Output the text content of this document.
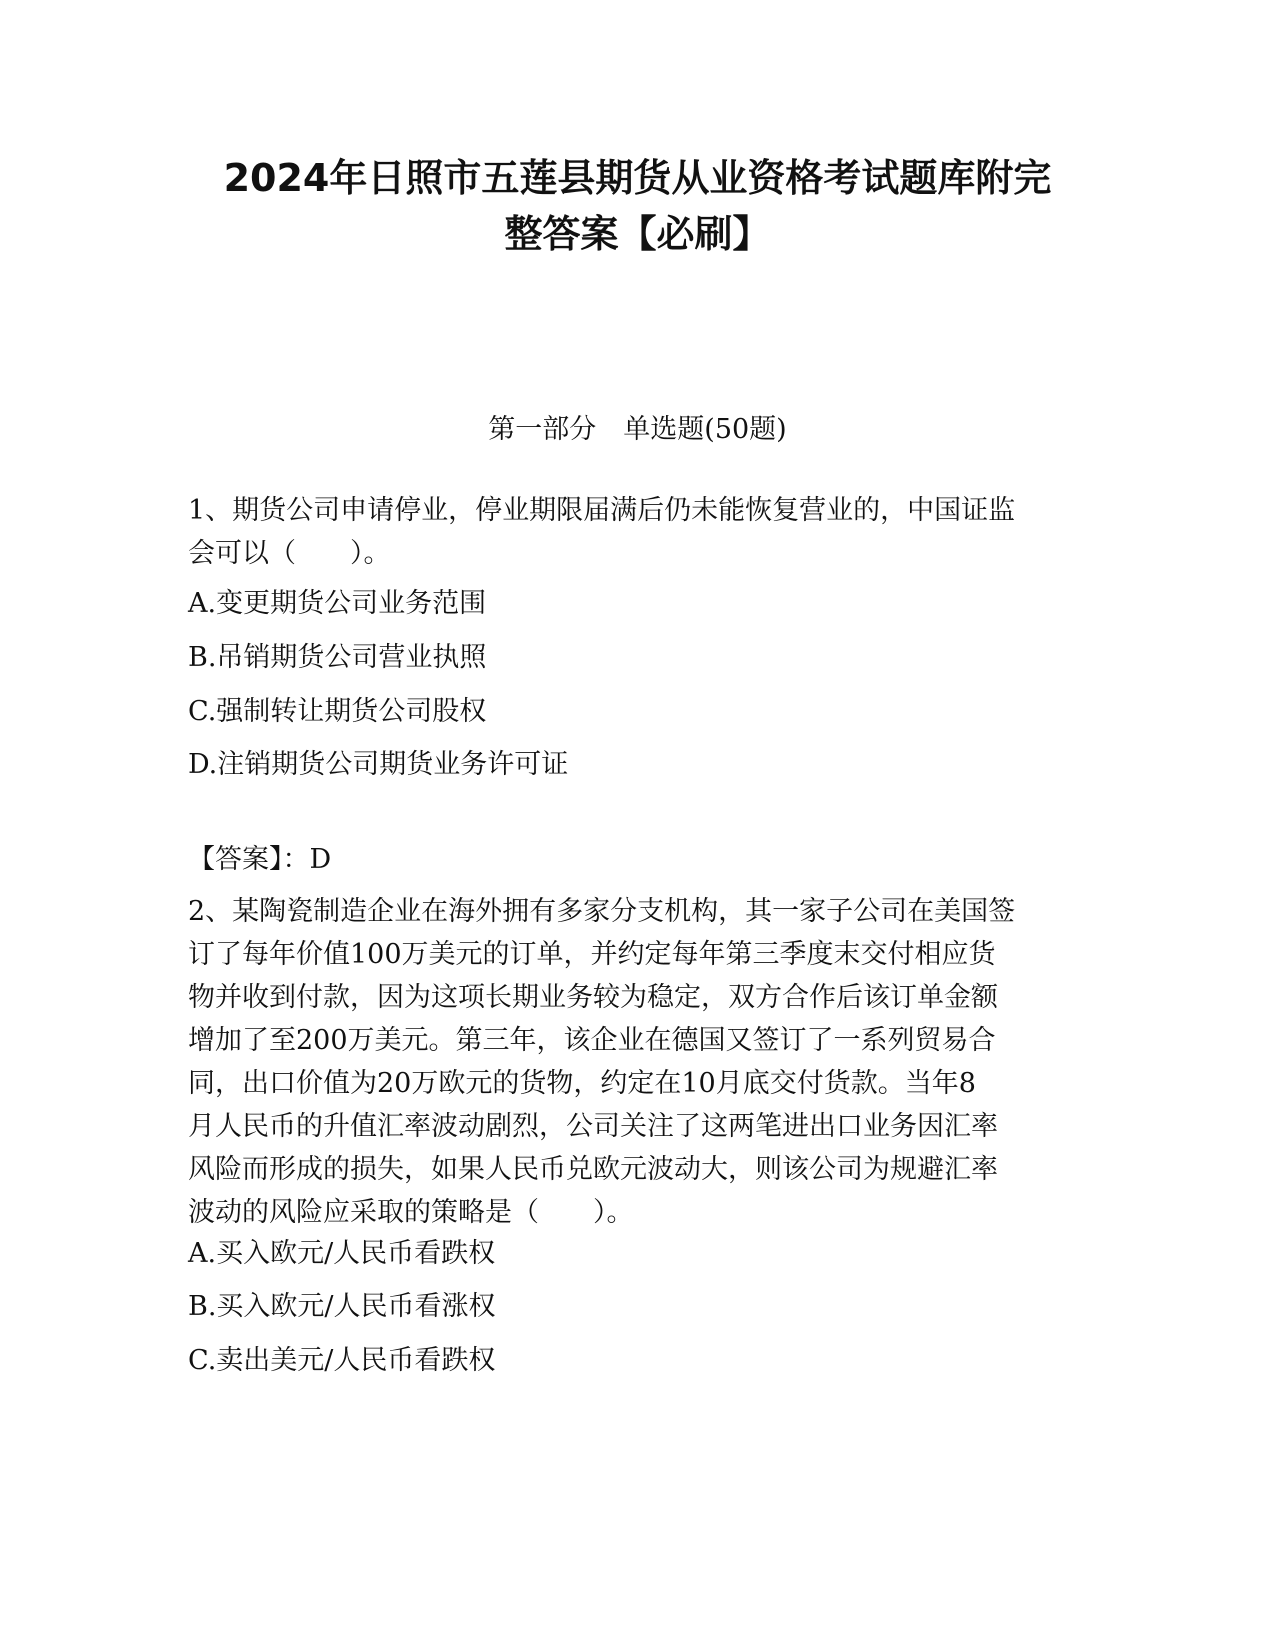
2024年日照市五莲县期货从业资格考试题库附完
整答案【必刷】
第一部分　单选题(50题)
1、期货公司申请停业，停业期限届满后仍未能恢复营业的，中国证监
会可以（　　）。
A.变更期货公司业务范围
B.吊销期货公司营业执照
C.强制转让期货公司股权
D.注销期货公司期货业务许可证
【答案】：D
2、某陶瓷制造企业在海外拥有多家分支机构，其一家子公司在美国签
订了每年价值100万美元的订单，并约定每年第三季度末交付相应货
物并收到付款，因为这项长期业务较为稳定，双方合作后该订单金额
增加了至200万美元。第三年，该企业在德国又签订了一系列贸易合
同，出口价值为20万欧元的货物，约定在10月底交付货款。当年8
月人民币的升值汇率波动剧烈，公司关注了这两笔进出口业务因汇率
风险而形成的损失，如果人民币兑欧元波动大，则该公司为规避汇率
波动的风险应采取的策略是（　　）。
A.买入欧元/人民币看跌权
B.买入欧元/人民币看涨权
C.卖出美元/人民币看跌权
